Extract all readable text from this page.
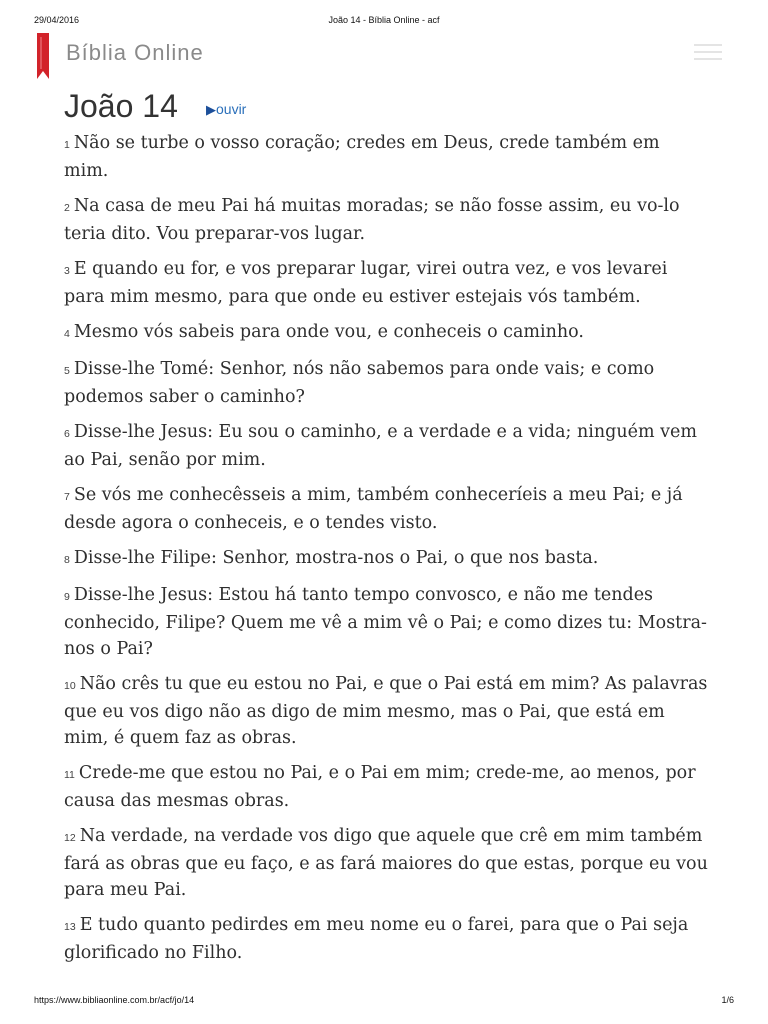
29/04/2016	João 14 - Bíblia Online - acf
Bíblia Online
João 14 ▶ouvir

1 Não se turbe o vosso coração; credes em Deus, crede também em mim.

2 Na casa de meu Pai há muitas moradas; se não fosse assim, eu vo-lo teria dito. Vou preparar-vos lugar.

3 E quando eu for, e vos preparar lugar, virei outra vez, e vos levarei para mim mesmo, para que onde eu estiver estejais vós também.

4 Mesmo vós sabeis para onde vou, e conheceis o caminho.

5 Disse-lhe Tomé: Senhor, nós não sabemos para onde vais; e como podemos saber o caminho?

6 Disse-lhe Jesus: Eu sou o caminho, e a verdade e a vida; ninguém vem ao Pai, senão por mim.

7 Se vós me conhecêsseis a mim, também conheceríeis a meu Pai; e já desde agora o conheceis, e o tendes visto.

8 Disse-lhe Filipe: Senhor, mostra-nos o Pai, o que nos basta.

9 Disse-lhe Jesus: Estou há tanto tempo convosco, e não me tendes conhecido, Filipe? Quem me vê a mim vê o Pai; e como dizes tu: Mostra-nos o Pai?

10 Não crês tu que eu estou no Pai, e que o Pai está em mim? As palavras que eu vos digo não as digo de mim mesmo, mas o Pai, que está em mim, é quem faz as obras.

11 Crede-me que estou no Pai, e o Pai em mim; crede-me, ao menos, por causa das mesmas obras.

12 Na verdade, na verdade vos digo que aquele que crê em mim também fará as obras que eu faço, e as fará maiores do que estas, porque eu vou para meu Pai.

13 E tudo quanto pedirdes em meu nome eu o farei, para que o Pai seja glorificado no Filho.

https://www.bibliaonline.com.br/acf/jo/14	1/6
